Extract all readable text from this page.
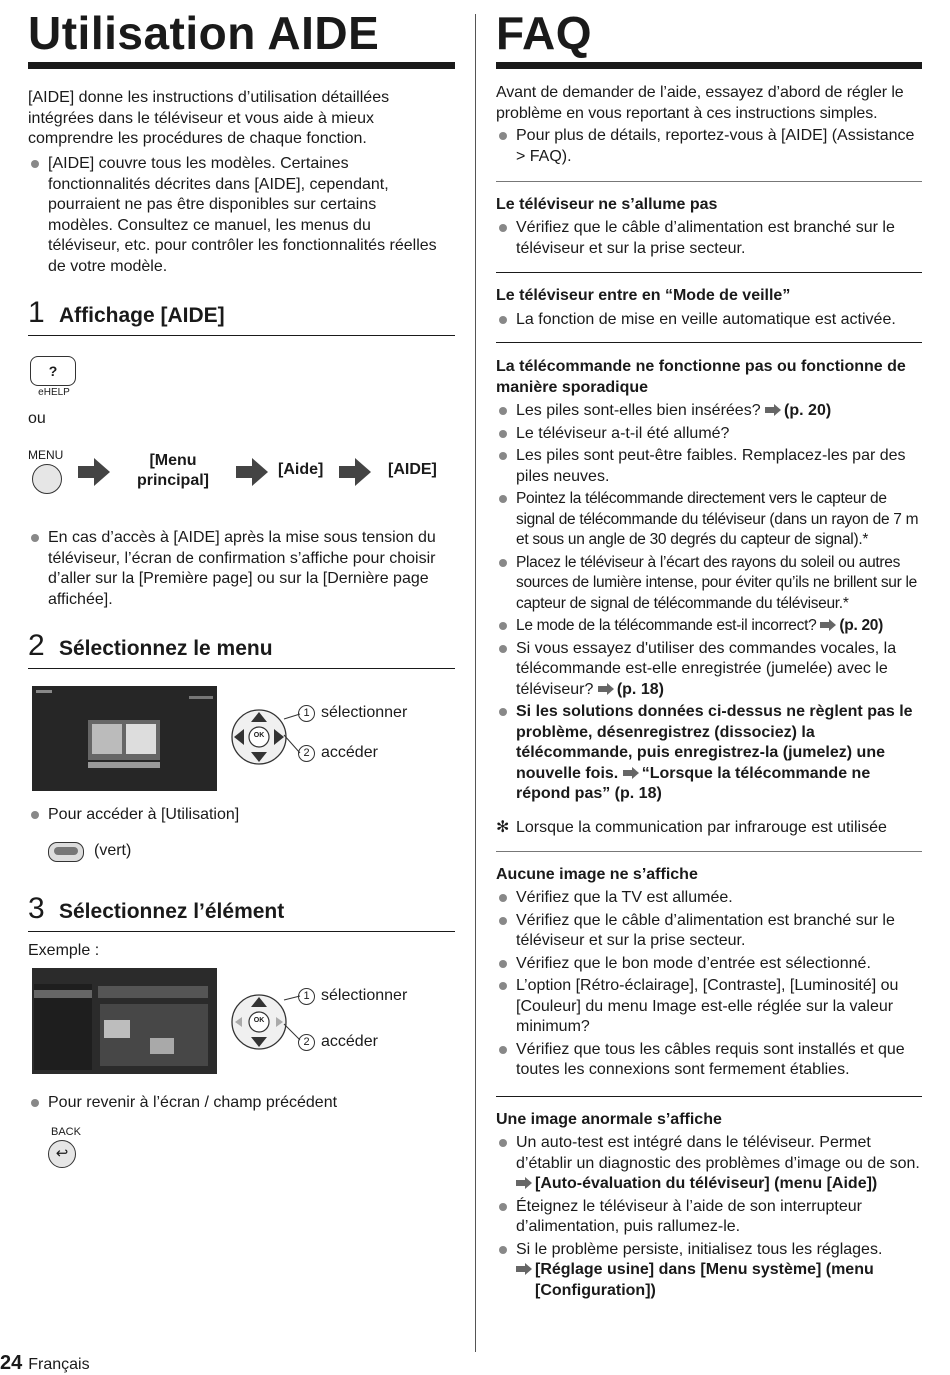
Utilisation AIDE

[AIDE] donne les instructions d’utilisation détaillées intégrées dans le téléviseur et vous aide à mieux comprendre les procédures de chaque fonction.

[AIDE] couvre tous les modèles. Certaines fonctionnalités décrites dans [AIDE], cependant, pourraient ne pas être disponibles sur certains modèles. Consultez ce manuel, les menus du téléviseur, etc. pour contrôler les fonctionnalités réelles de votre modèle.
1 Affichage [AIDE]
?
eHELP
ou
MENU	[Menu principal]
[Aide]	[AIDE]
En cas d’accès à [AIDE] après la mise sous tension du téléviseur, l’écran de confirmation s’affiche pour choisir d’aller sur la [Première page] ou sur la [Dernière page affichée].
2 Sélectionnez le menu
OK
1 sélectionner
2 accéder
Pour accéder à [Utilisation]
(vert)
3 Sélectionnez l’élément
Exemple :
OK
1 sélectionner
2 accéder
Pour revenir à l’écran / champ précédent
BACK
↩
FAQ

Avant de demander de l’aide, essayez d’abord de régler le problème en vous reportant à ces instructions simples.

Pour plus de détails, reportez-vous à [AIDE] (Assistance > FAQ).
Le téléviseur ne s’allume pas
Vérifiez que le câble d’alimentation est branché sur le téléviseur et sur la prise secteur.
Le téléviseur entre en “Mode de veille”
La fonction de mise en veille automatique est activée.
La télécommande ne fonctionne pas ou fonctionne de manière sporadique
Les piles sont-elles bien insérées? (p. 20)
Le téléviseur a-t-il été allumé?
Les piles sont peut-être faibles. Remplacez-les par des piles neuves.
Pointez la télécommande directement vers le capteur de signal de télécommande du téléviseur (dans un rayon de 7 m et sous un angle de 30 degrés du capteur de signal).*
Placez le téléviseur à l’écart des rayons du soleil ou autres sources de lumière intense, pour éviter qu’ils ne brillent sur le capteur de signal de télécommande du téléviseur.*
Le mode de la télécommande est-il incorrect? (p. 20)
Si vous essayez d'utiliser des commandes vocales, la télécommande est-elle enregistrée (jumelée) avec le téléviseur? (p. 18)
Si les solutions données ci-dessus ne règlent pas le problème, désenregistrez (dissociez) la télécommande, puis enregistrez-la (jumelez) une nouvelle fois. “Lorsque la télécommande ne répond pas” (p. 18)
✻ Lorsque la communication par infrarouge est utilisée
Aucune image ne s’affiche
Vérifiez que la TV est allumée.
Vérifiez que le câble d’alimentation est branché sur le téléviseur et sur la prise secteur.
Vérifiez que le bon mode d’entrée est sélectionné.
L’option [Rétro-éclairage], [Contraste], [Luminosité] ou [Couleur] du menu Image est-elle réglée sur la valeur minimum?
Vérifiez que tous les câbles requis sont installés et que toutes les connexions sont fermement établies.
Une image anormale s’affiche
Un auto-test est intégré dans le téléviseur. Permet d’établir un diagnostic des problèmes d’image ou de son.

[Auto-évaluation du téléviseur] (menu [Aide])
Éteignez le téléviseur à l’aide de son interrupteur d’alimentation, puis rallumez-le.
Si le problème persiste, initialisez tous les réglages.

[Réglage usine] dans [Menu système] (menu [Configuration])
24 Français
